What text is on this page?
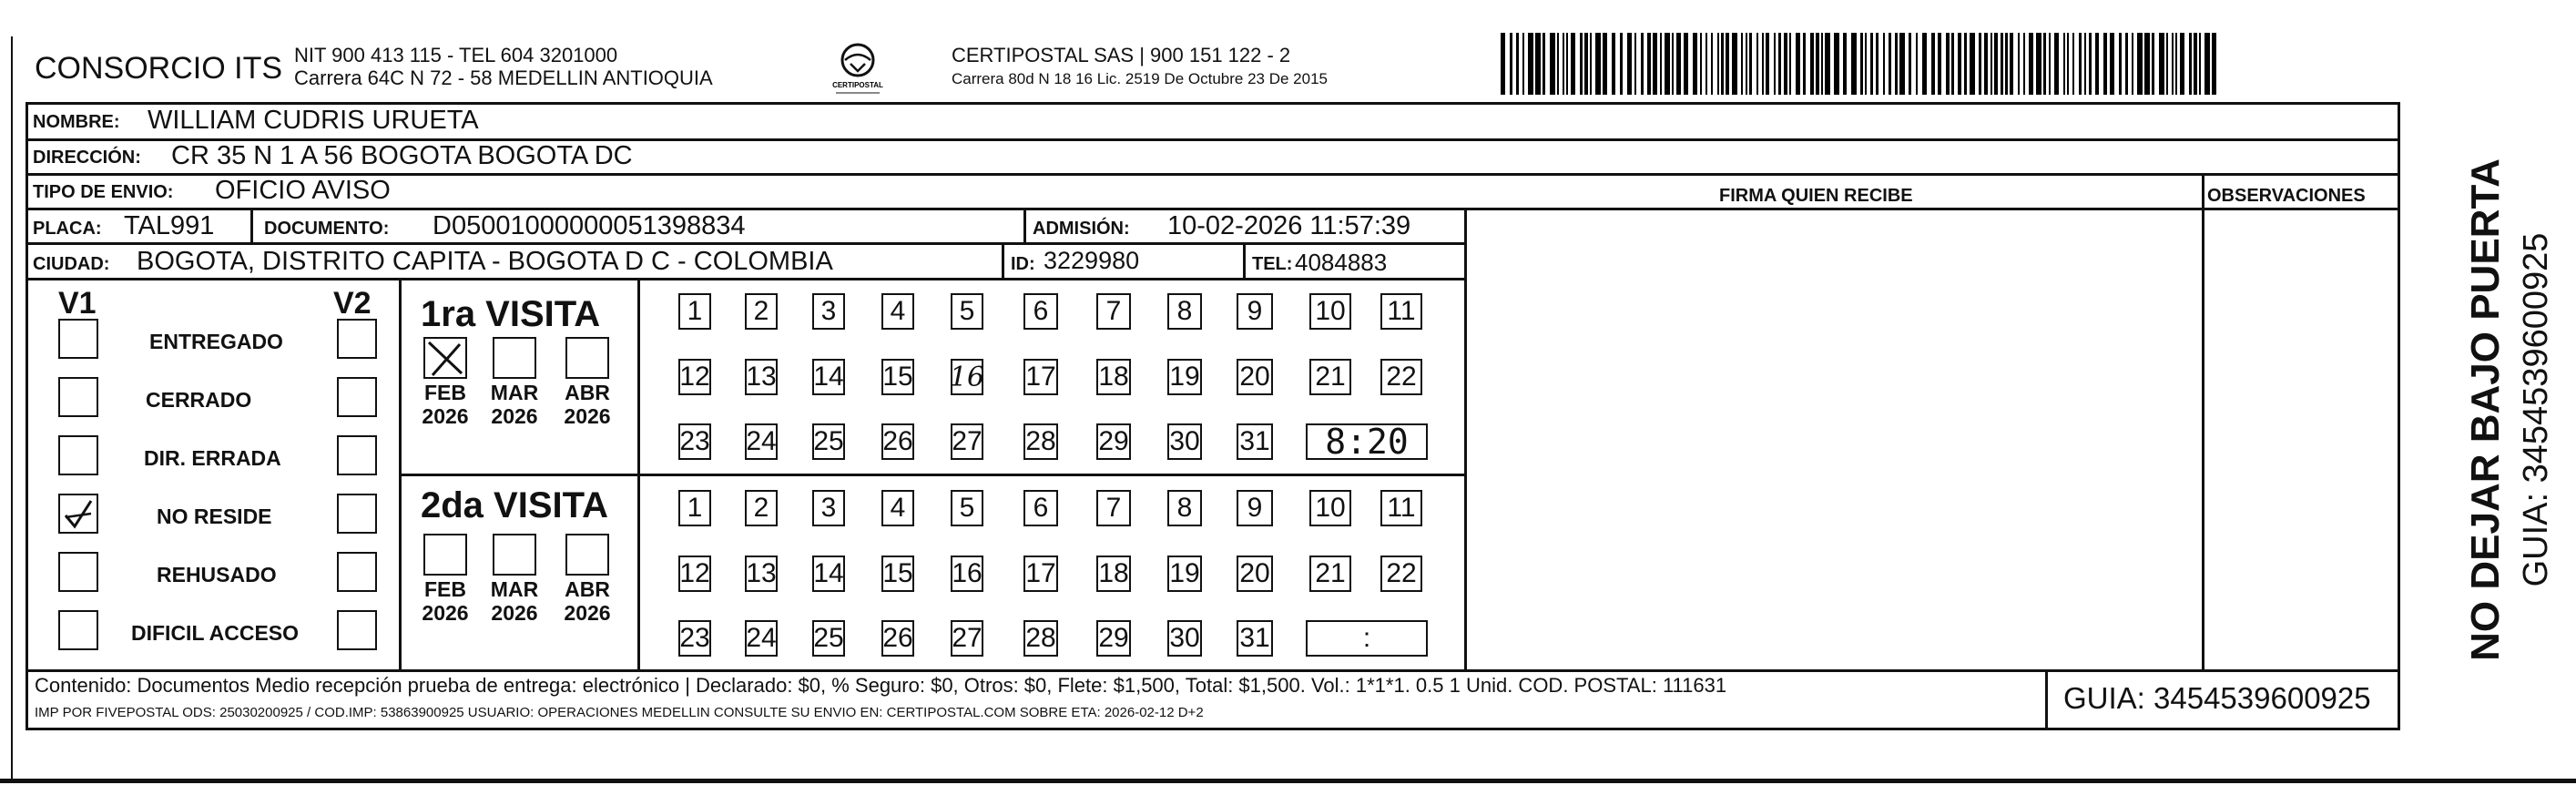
CONSORCIO ITS NIT 900 413 115 - TEL 604 3201000
Carrera 64C N 72 - 58 MEDELLIN ANTIOQUIA	CERTIPOSTAL
CERTIPOSTAL SAS | 900 151 122 - 2
Carrera 80d N 18 16 Lic. 2519 De Octubre 23 De 2015
NOMBRE: WILLIAM CUDRIS URUETA
DIRECCIÓN: CR 35 N 1 A 56 BOGOTA BOGOTA DC
TIPO DE ENVIO: OFICIO AVISO	FIRMA QUIEN RECIBE	OBSERVACIONES
PLACA: TAL991	DOCUMENTO: D05001000000051398834	ADMISIÓN: 10-02-2026 11:57:39
CIUDAD: BOGOTA, DISTRITO CAPITA - BOGOTA D C - COLOMBIA	ID: 3229980	TEL: 4084883
V1	V2
ENTREGADO
CERRADO
DIR. ERRADA
NO RESIDE
REHUSADO
DIFICIL ACCESO
1ra VISITA
2da VISITA
1 2 3 4 5 6 7 8 9 10 11
12 13 14 15 16 17 18 19 20 21 22
23 24 25 26 27 28 29 30 31 8:20
FEB
2026
MAR
2026
ABR
2026
1 2 3 4 5 6 7 8 9 10 11
12 13 14 15 16 17 18 19 20 21 22
23 24 25 26 27 28 29 30 31	:
FEB
2026
MAR
2026
ABR
2026
Contenido: Documentos Medio recepción prueba de entrega: electrónico | Declarado: $0, % Seguro: $0, Otros: $0, Flete: $1,500, Total: $1,500. Vol.: 1*1*1. 0.5 1 Unid. COD. POSTAL: 111631
IMP POR FIVEPOSTAL ODS: 25030200925 / COD.IMP: 53863900925 USUARIO: OPERACIONES MEDELLIN CONSULTE SU ENVIO EN: CERTIPOSTAL.COM SOBRE ETA: 2026-02-12 D+2	GUIA: 3454539600925
NO DEJAR BAJO PUERTA GUIA: 3454539600925
